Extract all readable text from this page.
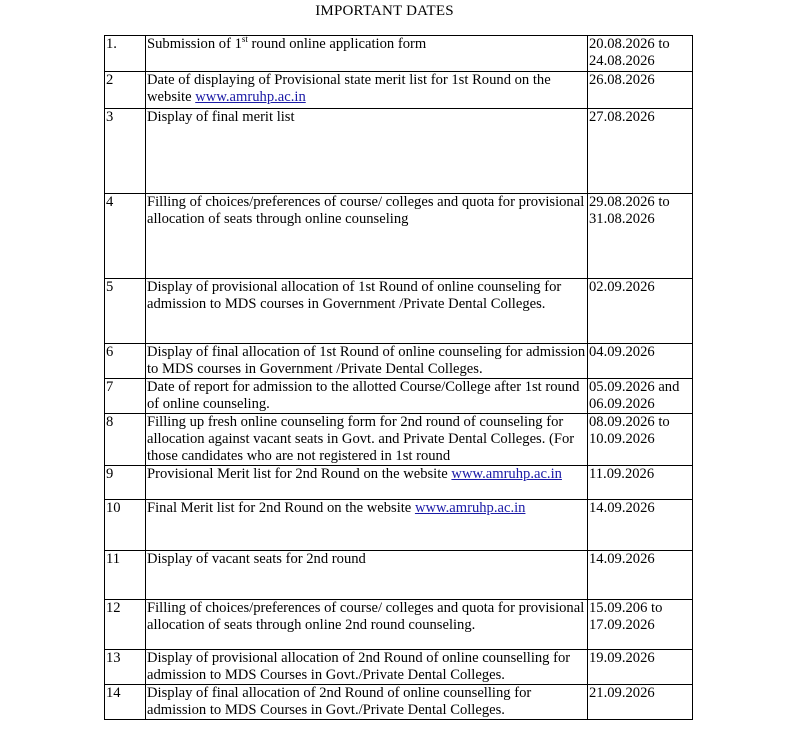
IMPORTANT DATES
1.	Submission of 1st round online application form	20.08.2026 to
24.08.2026
2	Date of displaying of Provisional state merit list for 1st Round on the website www.amruhp.ac.in	26.08.2026
3	Display of final merit list	27.08.2026
4	Filling of choices/preferences of course/ colleges and quota for provisional allocation of seats through online counseling	29.08.2026 to
31.08.2026
5	Display of provisional allocation of 1st Round of online counseling for admission to MDS courses in Government /Private Dental Colleges.	02.09.2026
6	Display of final allocation of 1st Round of online counseling for admission to MDS courses in Government /Private Dental Colleges.	04.09.2026
7	Date of report for admission to the allotted Course/College after 1st round of online counseling.	05.09.2026 and
06.09.2026
8	Filling up fresh online counseling form for 2nd round of counseling for allocation against vacant seats in Govt. and Private Dental Colleges. (For those candidates who are not registered in 1st round	08.09.2026 to
10.09.2026
9	Provisional Merit list for 2nd Round on the website www.amruhp.ac.in	11.09.2026
10	Final Merit list for 2nd Round on the website www.amruhp.ac.in	14.09.2026
11	Display of vacant seats for 2nd round	14.09.2026
12	Filling of choices/preferences of course/ colleges and quota for provisional allocation of seats through online 2nd round counseling.	15.09.206 to
17.09.2026
13	Display of provisional allocation of 2nd Round of online counselling for admission to MDS Courses in Govt./Private Dental Colleges.	19.09.2026
14	Display of final allocation of 2nd Round of online counselling for admission to MDS Courses in Govt./Private Dental Colleges.	21.09.2026
